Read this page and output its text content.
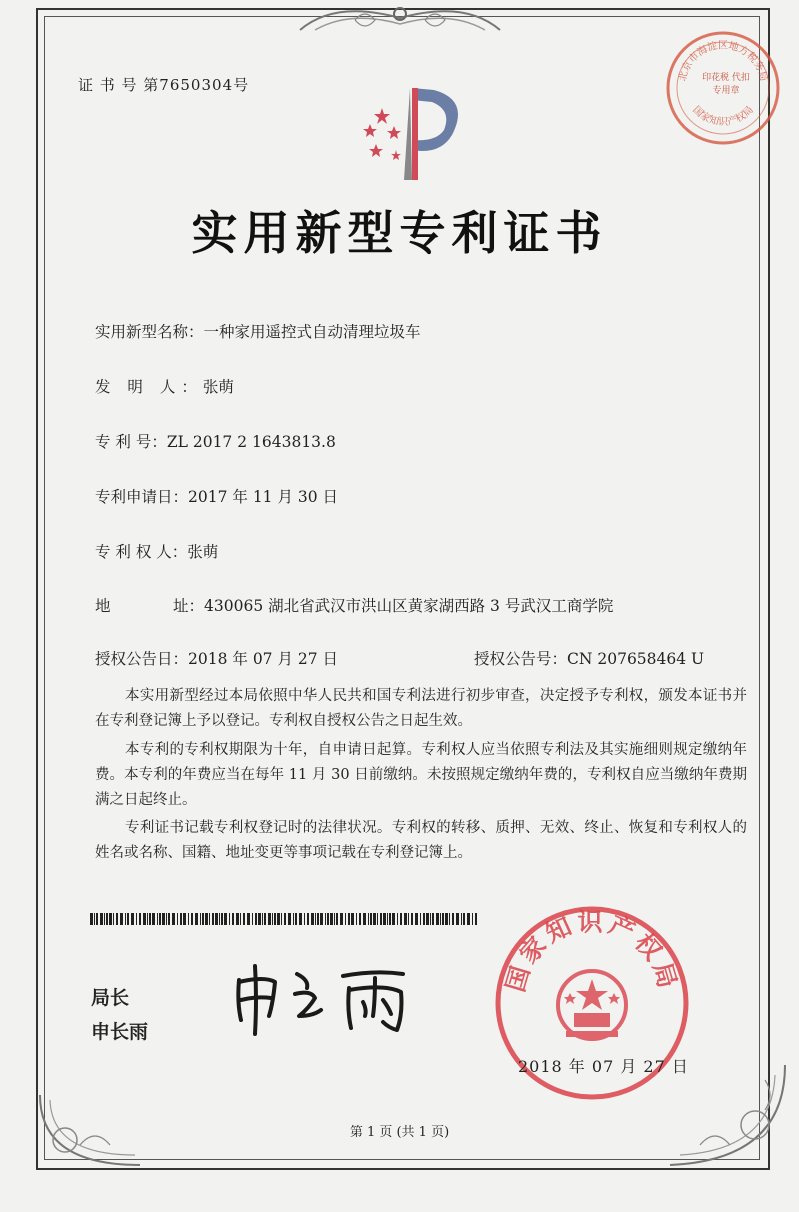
证 书 号 第7650304号
实用新型专利证书
实用新型名称：一种家用遥控式自动清理垃圾车
发 明 人：张萌
专 利 号：ZL 2017 2 1643813.8
专利申请日：2017 年 11 月 30 日
专 利 权 人：张萌
地	址：430065 湖北省武汉市洪山区黄家湖西路 3 号武汉工商学院
授权公告日：2018 年 07 月 27 日	授权公告号：CN 207658464 U
本实用新型经过本局依照中华人民共和国专利法进行初步审查，决定授予专利权，颁发本证书并在专利登记簿上予以登记。专利权自授权公告之日起生效。
本专利的专利权期限为十年，自申请日起算。专利权人应当依照专利法及其实施细则规定缴纳年费。本专利的年费应当在每年 11 月 30 日前缴纳。未按照规定缴纳年费的，专利权自应当缴纳年费期满之日起终止。
专利证书记载专利权登记时的法律状况。专利权的转移、质押、无效、终止、恢复和专利权人的姓名或名称、国籍、地址变更等事项记载在专利登记簿上。
局长
申长雨
国家知识产权局
2018 年 07 月 27 日
北京市海淀区地方税务局
国家知识产权局
印花税 代扣专用章
第 1 页 (共 1 页)
